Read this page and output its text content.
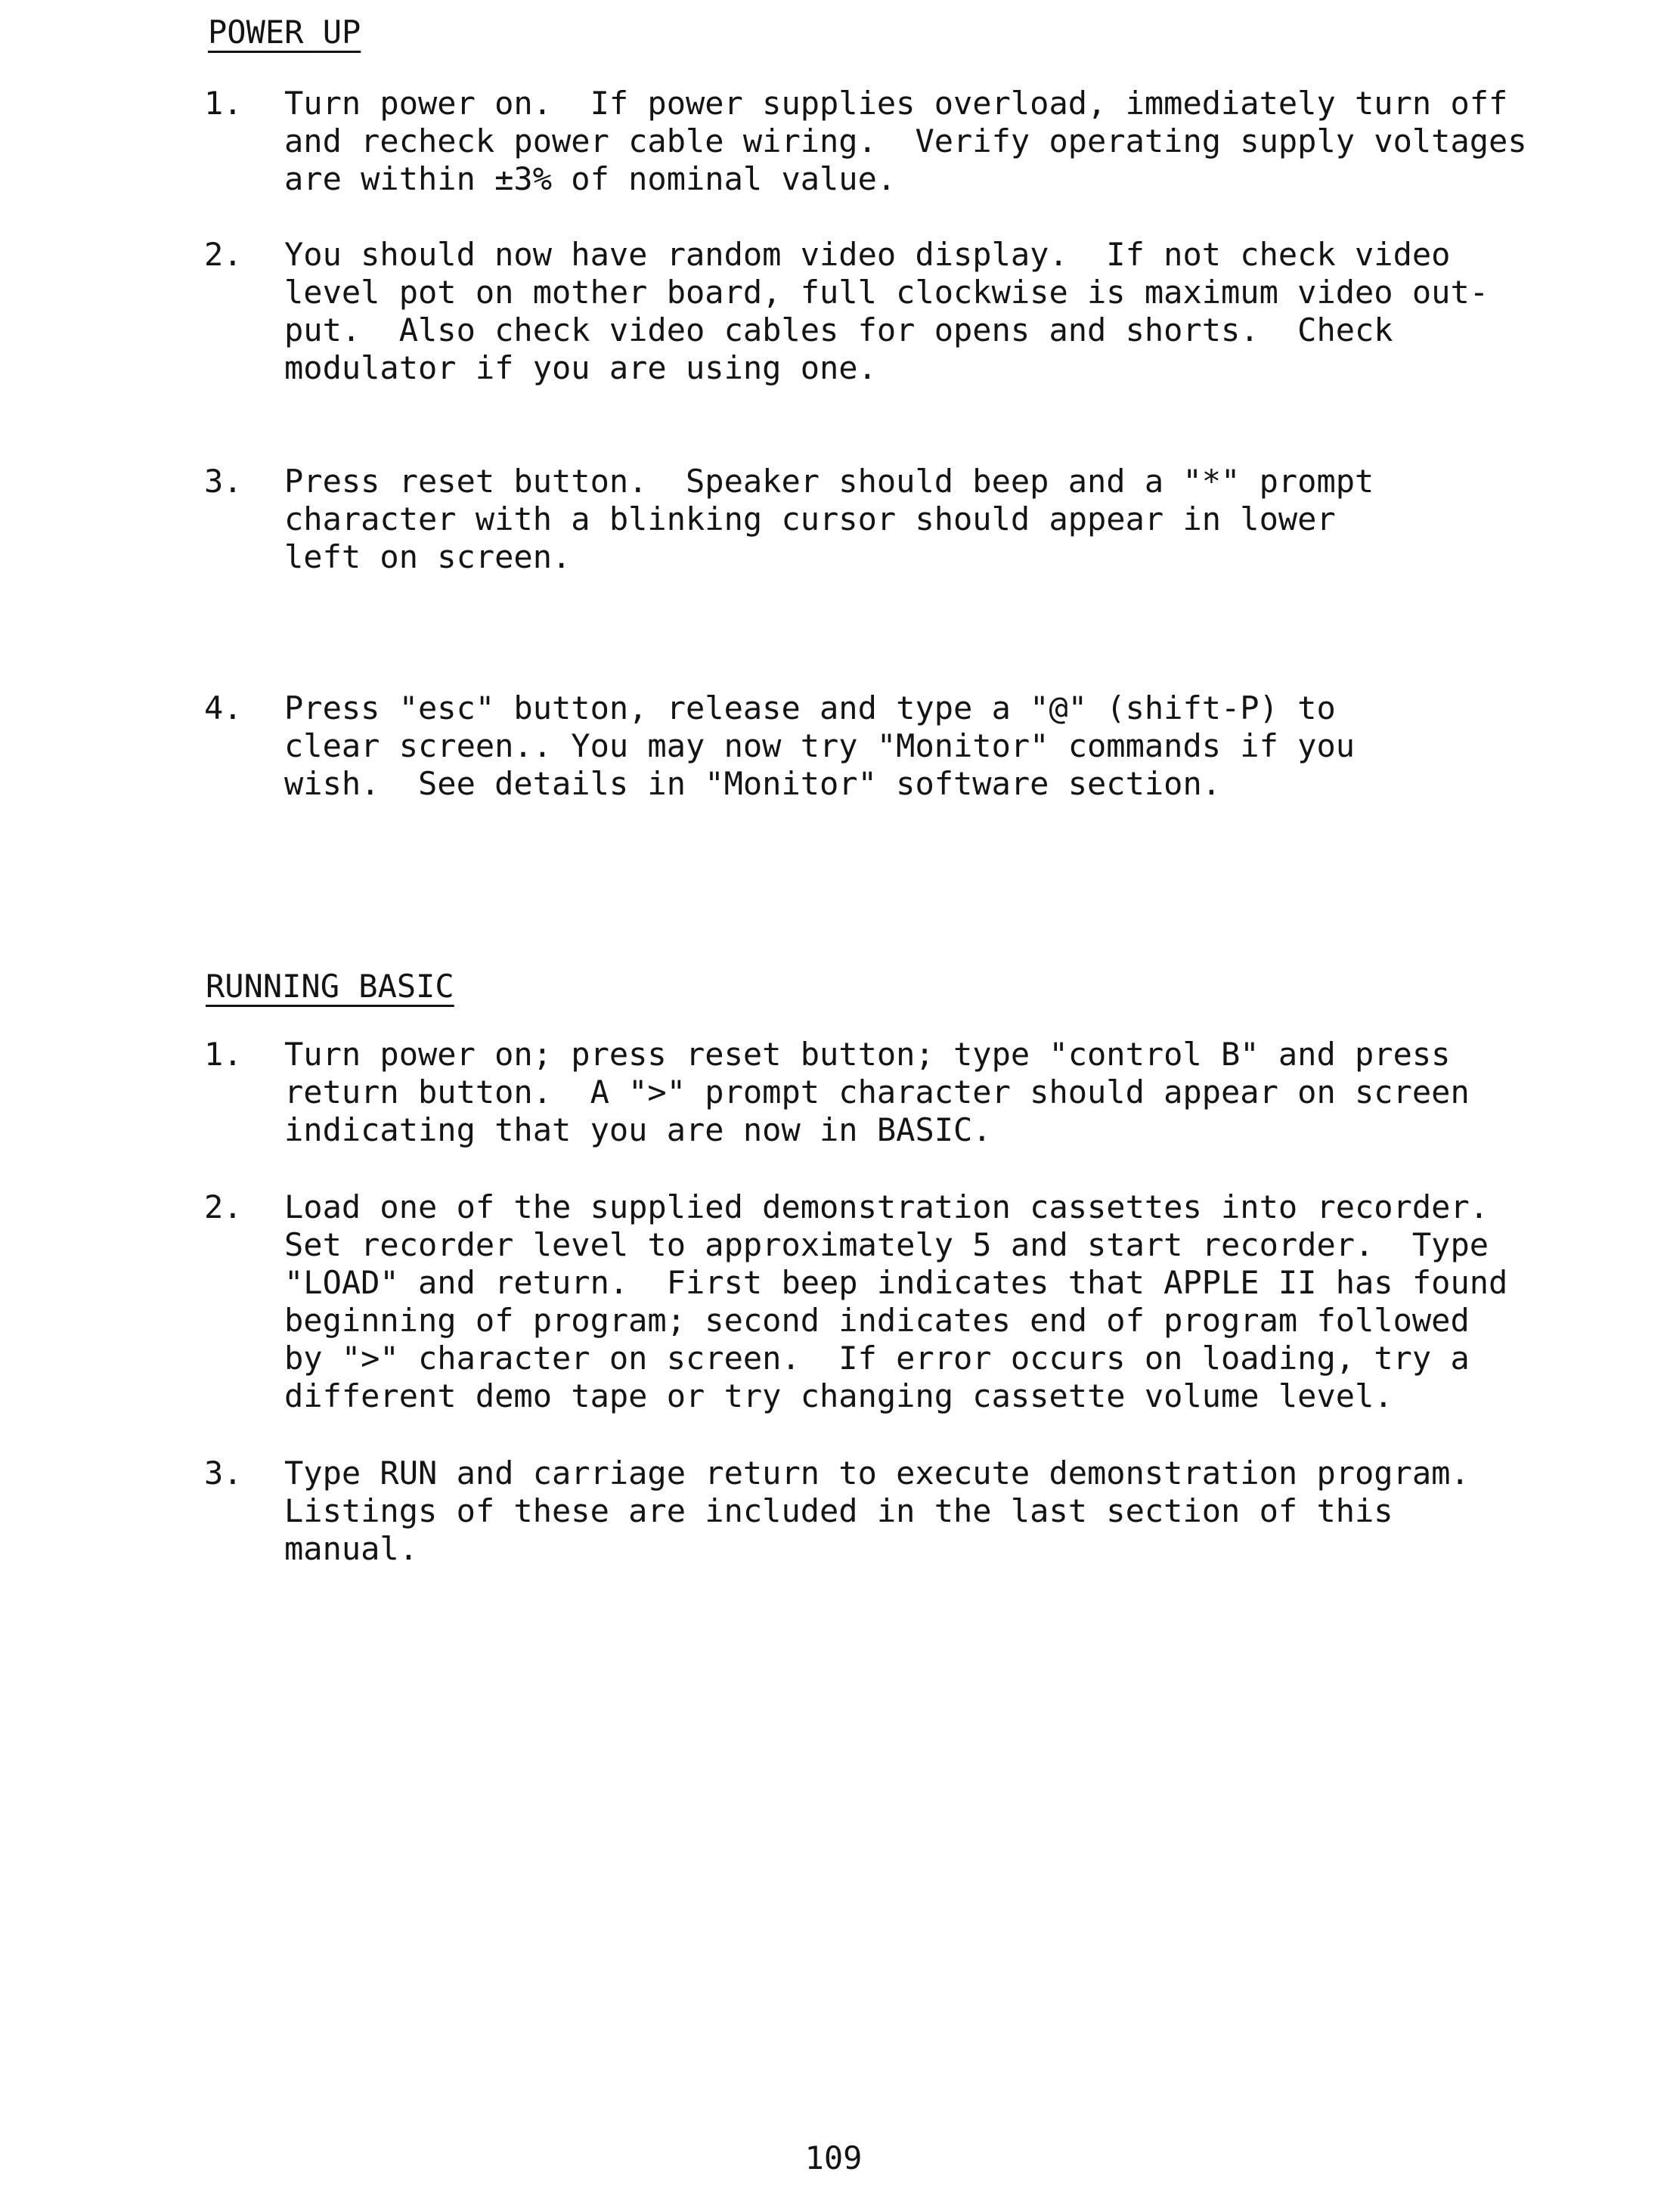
POWER UP
1. Turn power on.  If power supplies overload, immediately turn off
and recheck power cable wiring.  Verify operating supply voltages
are within ±3% of nominal value.
2. You should now have random video display.  If not check video
level pot on mother board, full clockwise is maximum video out-
put.  Also check video cables for opens and shorts.  Check
modulator if you are using one.
3. Press reset button.  Speaker should beep and a "*" prompt
character with a blinking cursor should appear in lower
left on screen.
4. Press "esc" button, release and type a "@" (shift-P) to
clear screen.. You may now try "Monitor" commands if you
wish.  See details in "Monitor" software section.
RUNNING BASIC
1. Turn power on; press reset button; type "control B" and press
return button.  A ">" prompt character should appear on screen
indicating that you are now in BASIC.
2. Load one of the supplied demonstration cassettes into recorder.
Set recorder level to approximately 5 and start recorder.  Type
"LOAD" and return.  First beep indicates that APPLE II has found
beginning of program; second indicates end of program followed
by ">" character on screen.  If error occurs on loading, try a
different demo tape or try changing cassette volume level.
3. Type RUN and carriage return to execute demonstration program.
Listings of these are included in the last section of this
manual.
109
